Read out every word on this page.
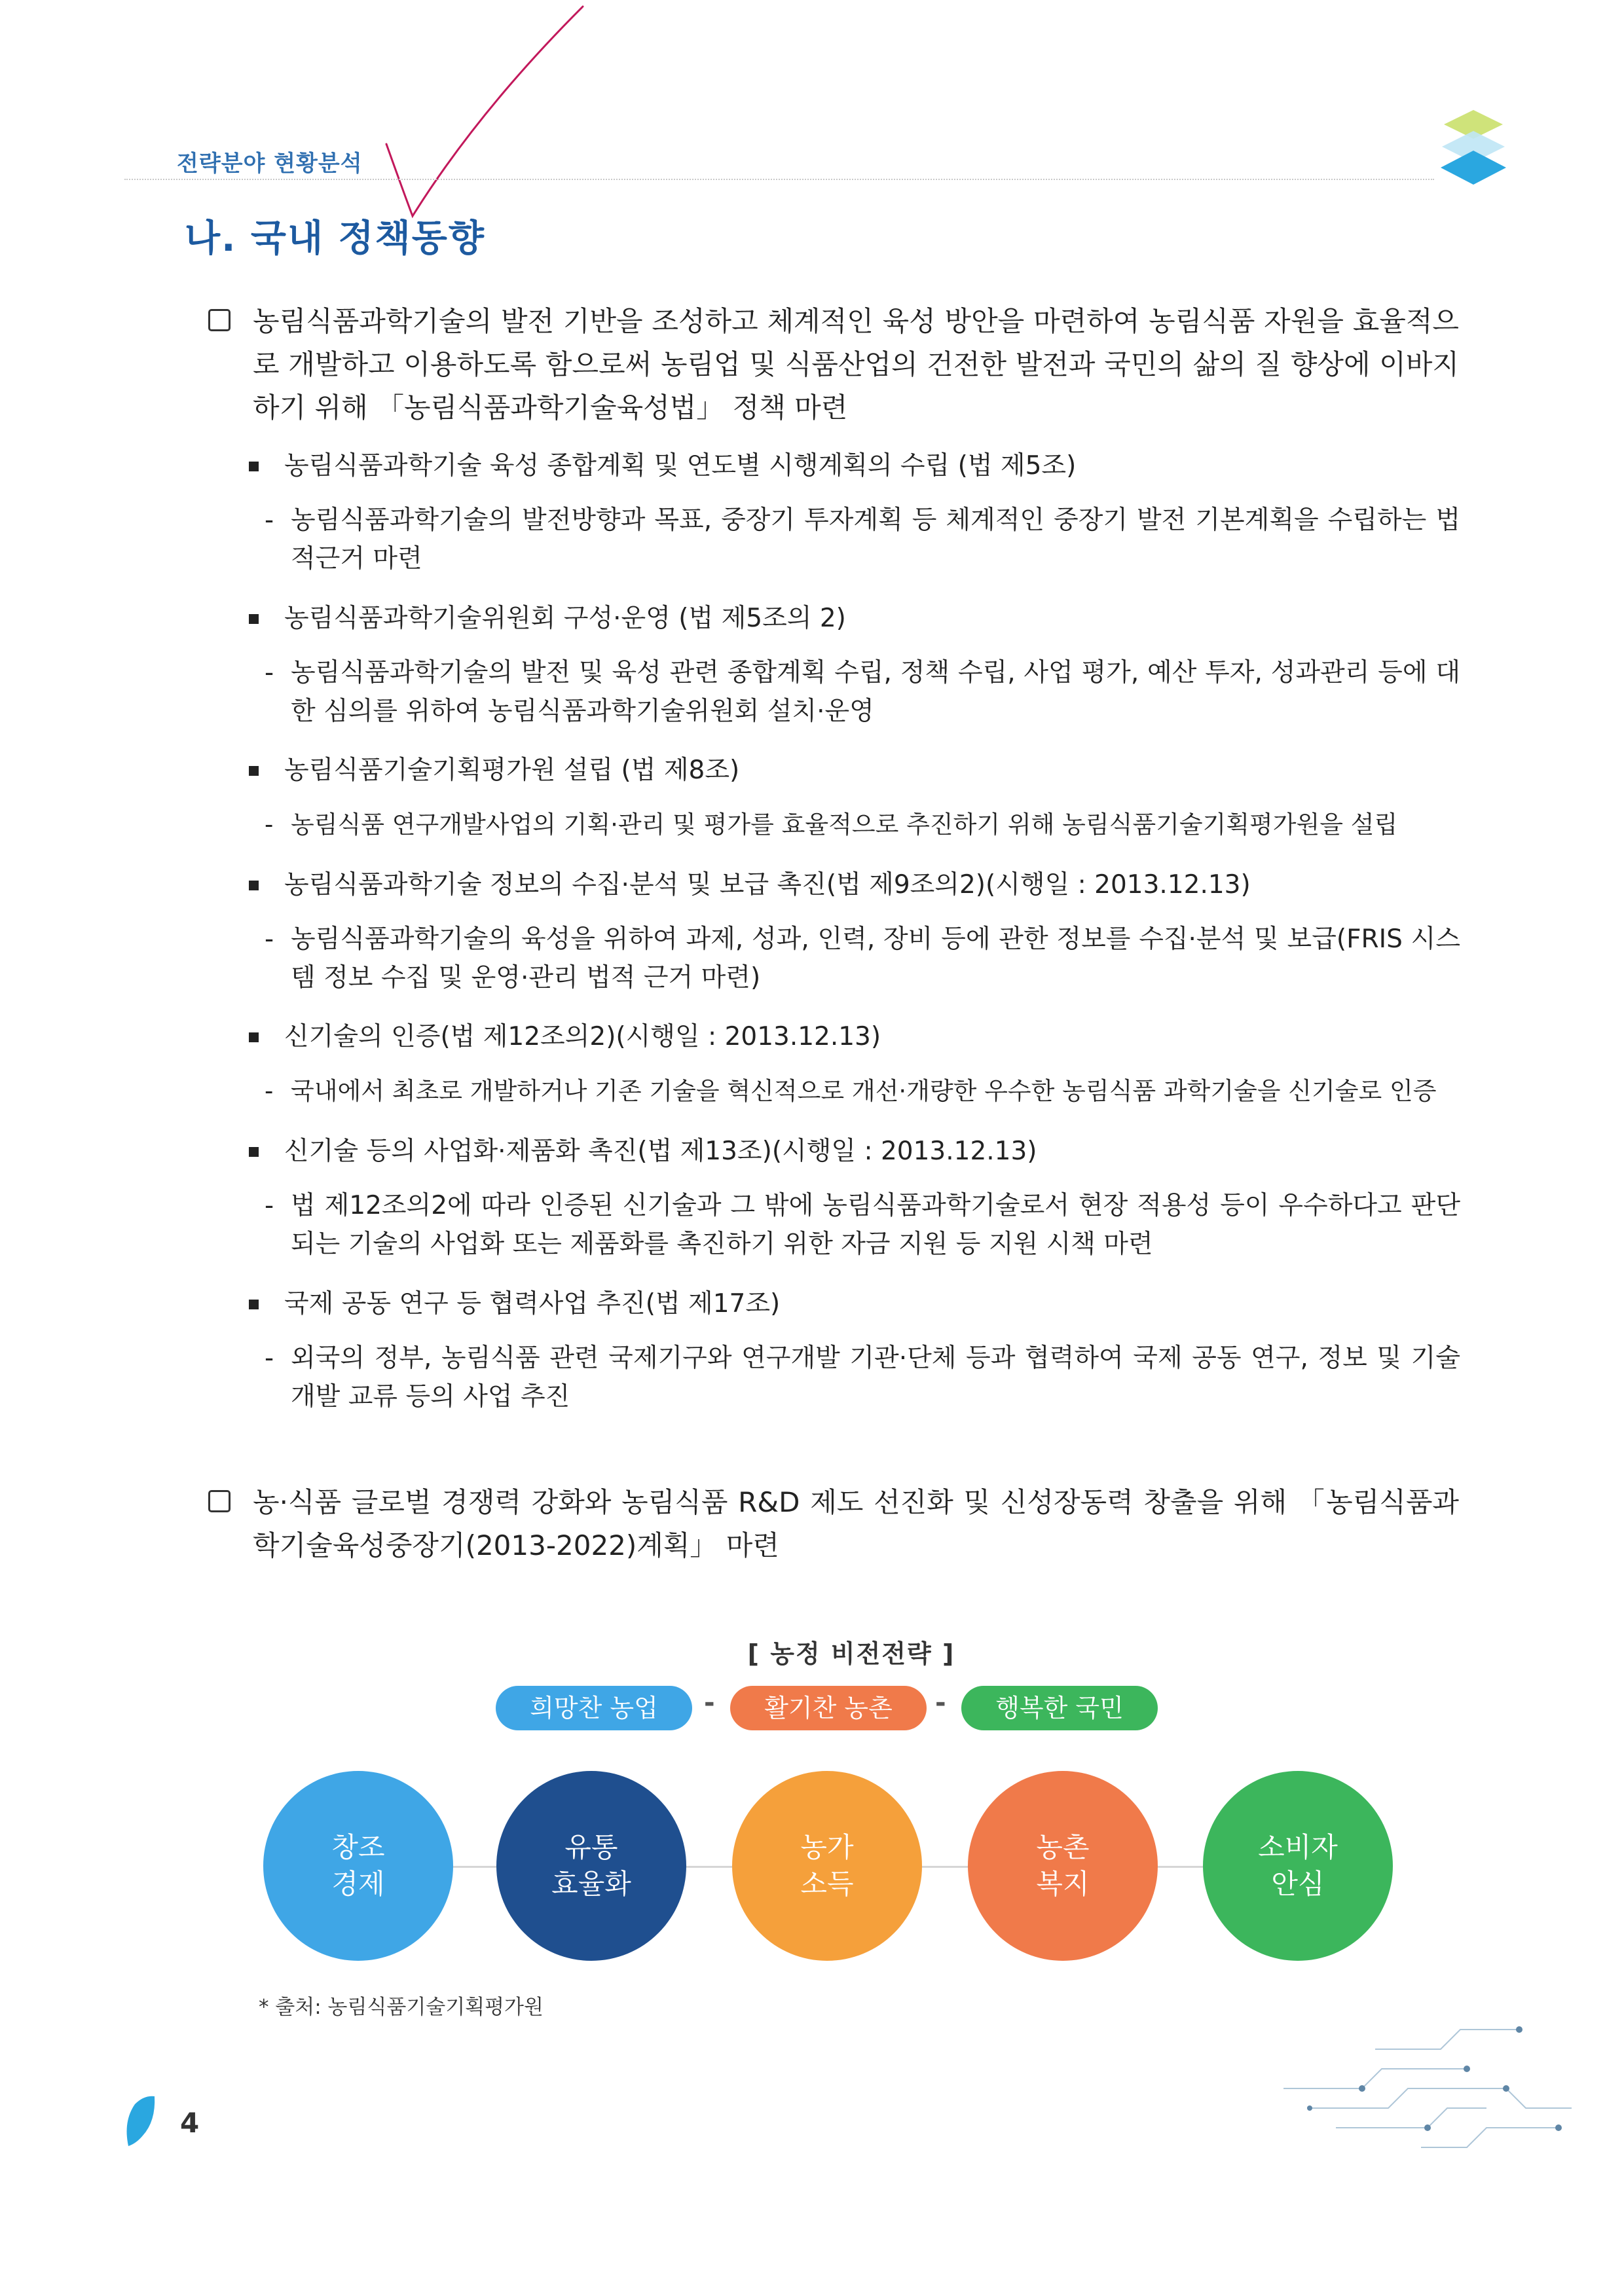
전략분야 현황분석
나. 국내 정책동향
농림식품과학기술의 발전 기반을 조성하고 체계적인 육성 방안을 마련하여 농림식품 자원을 효율적으로 개발하고 이용하도록 함으로써 농림업 및 식품산업의 건전한 발전과 국민의 삶의 질 향상에 이바지하기 위해 「농림식품과학기술육성법」 정책 마련
농림식품과학기술 육성 종합계획 및 연도별 시행계획의 수립 (법 제5조)
- 농림식품과학기술의 발전방향과 목표, 중장기 투자계획 등 체계적인 중장기 발전 기본계획을 수립하는 법적근거 마련
농림식품과학기술위원회 구성·운영 (법 제5조의 2)
- 농림식품과학기술의 발전 및 육성 관련 종합계획 수립, 정책 수립, 사업 평가, 예산 투자, 성과관리 등에 대한 심의를 위하여 농림식품과학기술위원회 설치·운영
농림식품기술기획평가원 설립 (법 제8조)
- 농림식품 연구개발사업의 기획·관리 및 평가를 효율적으로 추진하기 위해 농림식품기술기획평가원을 설립
농림식품과학기술 정보의 수집·분석 및 보급 촉진(법 제9조의2)(시행일 : 2013.12.13)
- 농림식품과학기술의 육성을 위하여 과제, 성과, 인력, 장비 등에 관한 정보를 수집·분석 및 보급(FRIS 시스템 정보 수집 및 운영·관리 법적 근거 마련)
신기술의 인증(법 제12조의2)(시행일 : 2013.12.13)
- 국내에서 최초로 개발하거나 기존 기술을 혁신적으로 개선·개량한 우수한 농림식품 과학기술을 신기술로 인증
신기술 등의 사업화·제품화 촉진(법 제13조)(시행일 : 2013.12.13)
- 법 제12조의2에 따라 인증된 신기술과 그 밖에 농림식품과학기술로서 현장 적용성 등이 우수하다고 판단되는 기술의 사업화 또는 제품화를 촉진하기 위한 자금 지원 등 지원 시책 마련
국제 공동 연구 등 협력사업 추진(법 제17조)
- 외국의 정부, 농림식품 관련 국제기구와 연구개발 기관·단체 등과 협력하여 국제 공동 연구, 정보 및 기술 개발 교류 등의 사업 추진
농·식품 글로벌 경쟁력 강화와 농림식품 R&D 제도 선진화 및 신성장동력 창출을 위해 「농림식품과학기술육성중장기(2013-2022)계획」 마련
[ 농정 비전전략 ]
희망찬 농업	-	활기찬 농촌	-	행복한 국민
창조
경제
유통
효율화
농가
소득
농촌
복지
소비자
안심
* 출처: 농림식품기술기획평가원
4
